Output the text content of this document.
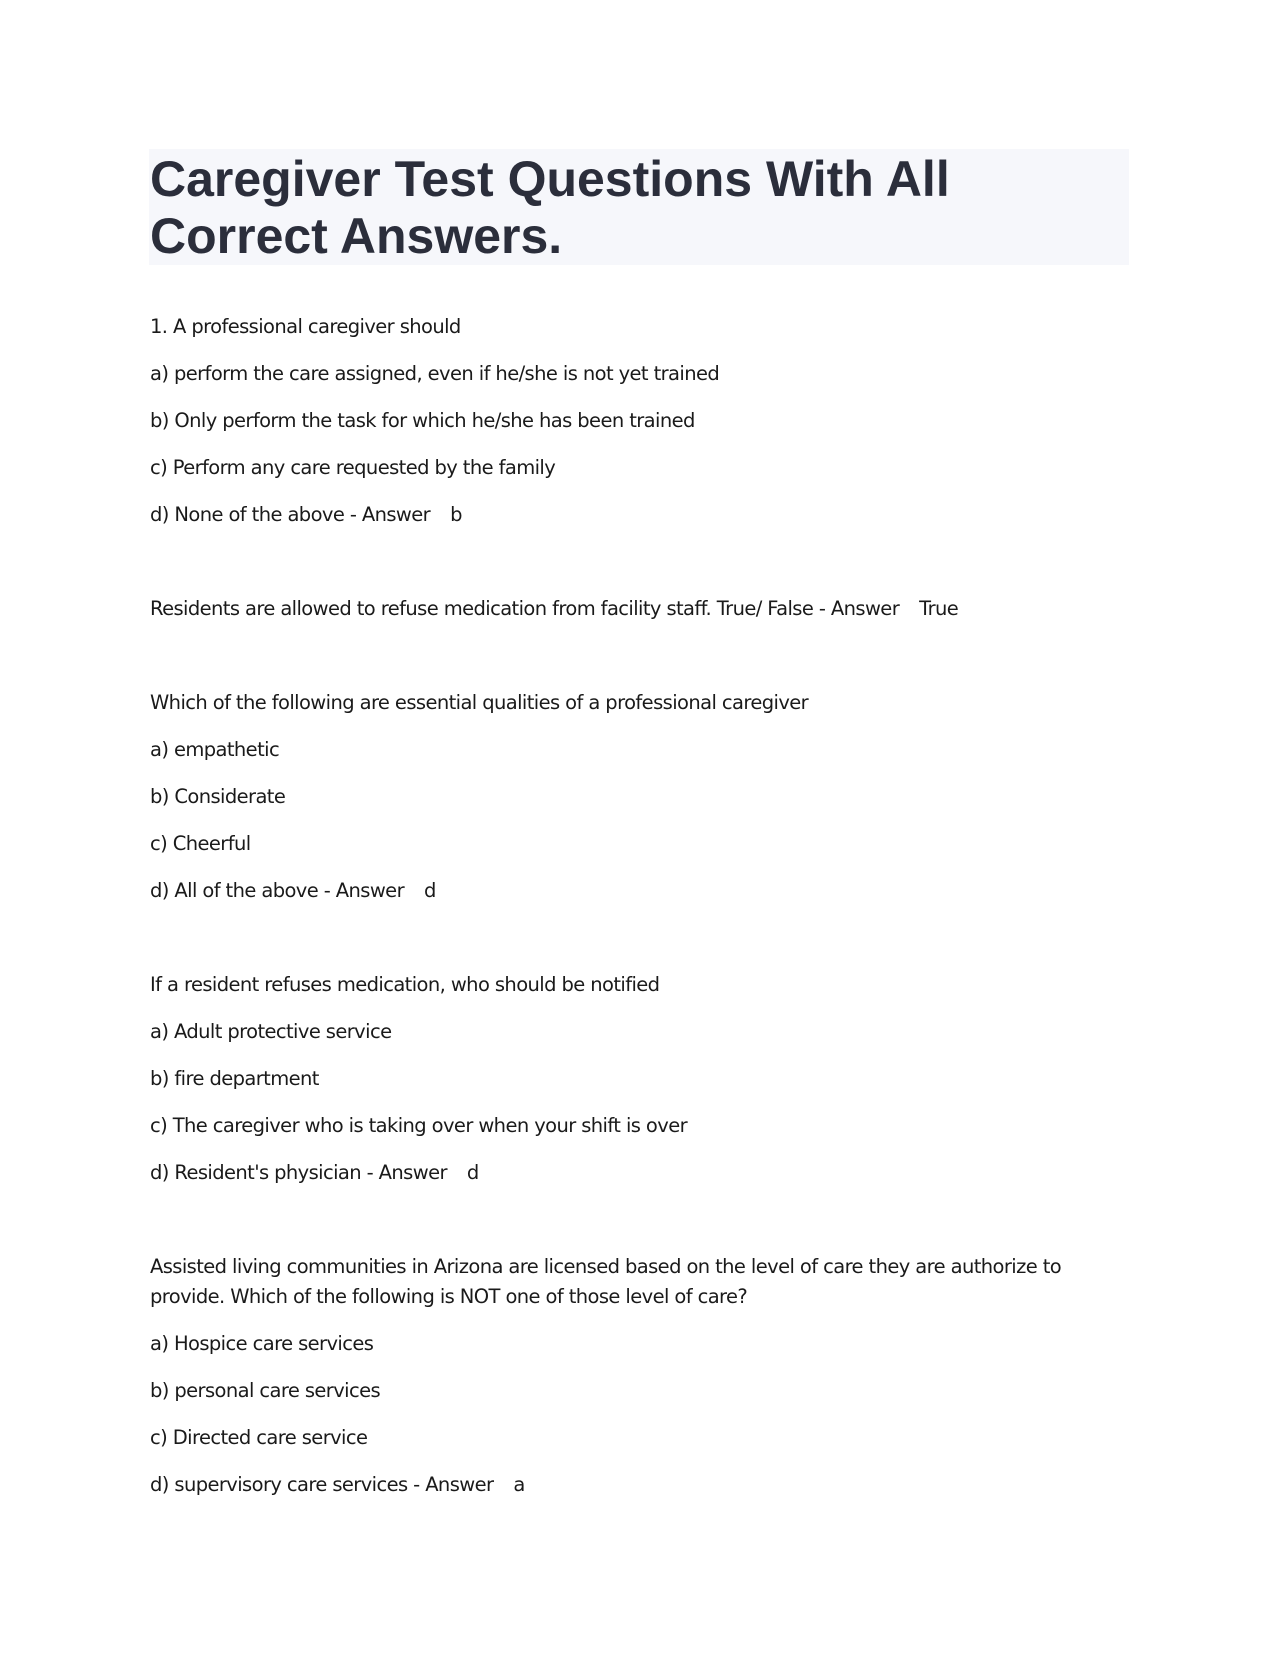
Caregiver Test Questions With All Correct Answers.
1. A professional caregiver should
a) perform the care assigned, even if he/she is not yet trained
b) Only perform the task for which he/she has been trained
c) Perform any care requested by the family
d) None of the above - Answer b
Residents are allowed to refuse medication from facility staff. True/ False - Answer True
Which of the following are essential qualities of a professional caregiver
a) empathetic
b) Considerate
c) Cheerful
d) All of the above - Answer d
If a resident refuses medication, who should be notified
a) Adult protective service
b) fire department
c) The caregiver who is taking over when your shift is over
d) Resident's physician - Answer d
Assisted living communities in Arizona are licensed based on the level of care they are authorize to provide. Which of the following is NOT one of those level of care?
a) Hospice care services
b) personal care services
c) Directed care service
d) supervisory care services - Answer a
